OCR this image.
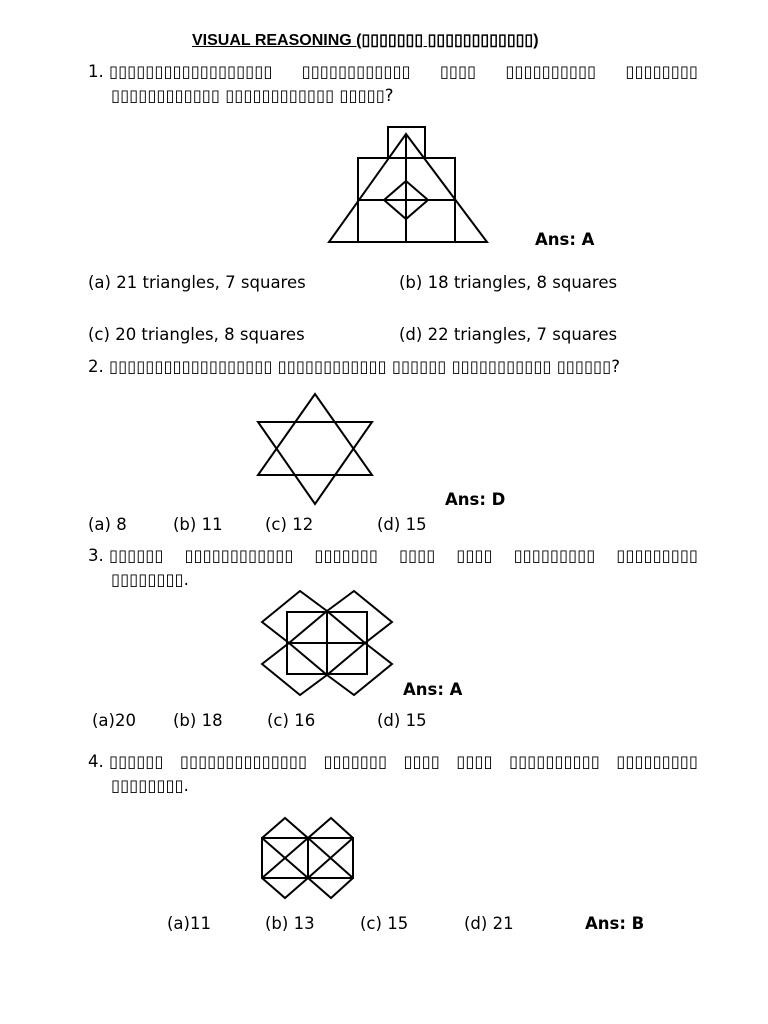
VISUAL REASONING (▯▯▯▯▯▯▯ ▯▯▯▯▯▯▯▯▯▯▯▯)
1. ▯▯▯▯▯▯▯▯▯▯▯▯▯▯▯▯▯▯ ▯▯▯▯▯▯▯▯▯▯▯▯ ▯▯▯▯ ▯▯▯▯▯▯▯▯▯▯ ▯▯▯▯▯▯▯▯
▯▯▯▯▯▯▯▯▯▯▯▯ ▯▯▯▯▯▯▯▯▯▯▯▯ ▯▯▯▯▯?
Ans: A
(a) 21 triangles, 7 squares	(b) 18 triangles, 8 squares
(c) 20 triangles, 8 squares	(d) 22 triangles, 7 squares
2. ▯▯▯▯▯▯▯▯▯▯▯▯▯▯▯▯▯▯ ▯▯▯▯▯▯▯▯▯▯▯▯ ▯▯▯▯▯▯ ▯▯▯▯▯▯▯▯▯▯▯ ▯▯▯▯▯▯?
Ans: D
(a) 8	(b) 11	(c) 12	(d) 15
3. ▯▯▯▯▯▯ ▯▯▯▯▯▯▯▯▯▯▯▯ ▯▯▯▯▯▯▯ ▯▯▯▯ ▯▯▯▯ ▯▯▯▯▯▯▯▯▯ ▯▯▯▯▯▯▯▯▯
▯▯▯▯▯▯▯▯.
Ans: A
(a)20 (b) 18	(c) 16	(d) 15
4. ▯▯▯▯▯▯ ▯▯▯▯▯▯▯▯▯▯▯▯▯▯ ▯▯▯▯▯▯▯ ▯▯▯▯ ▯▯▯▯ ▯▯▯▯▯▯▯▯▯▯ ▯▯▯▯▯▯▯▯▯
▯▯▯▯▯▯▯▯.
(a)11	(b) 13	(c) 15	(d) 21	Ans: B
